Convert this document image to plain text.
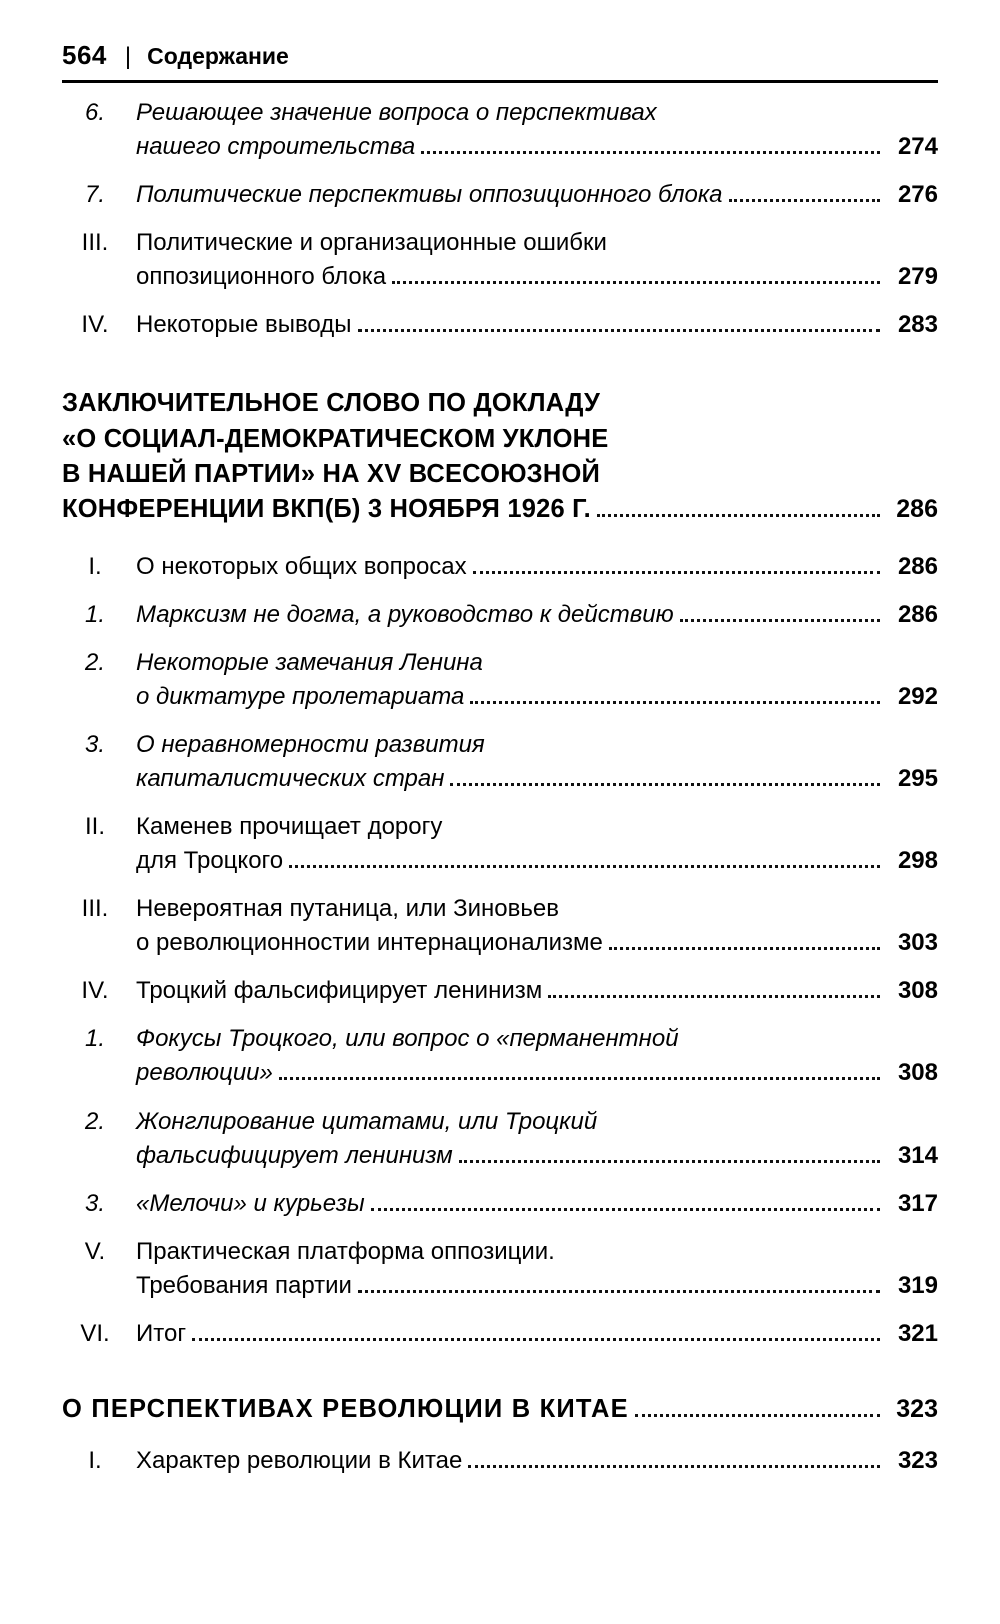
564 | Содержание
6.	Решающее значение вопроса о перспективах
нашего строительства	274
7.	Политические перспективы оппозиционного блока	276
III.	Политические и организационные ошибки
оппозиционного блока	279
IV.	Некоторые выводы	283
ЗАКЛЮЧИТЕЛЬНОЕ СЛОВО ПО ДОКЛАДУ
«О СОЦИАЛ-ДЕМОКРАТИЧЕСКОМ УКЛОНЕ
В НАШЕЙ ПАРТИИ» НА XV ВСЕСОЮЗНОЙ
КОНФЕРЕНЦИИ ВКП(Б) 3 НОЯБРЯ 1926 Г.	286
I.	О некоторых общих вопросах	286
1.	Марксизм не догма, а руководство к действию	286
2.	Некоторые замечания Ленина
о диктатуре пролетариата	292
3.	О неравномерности развития
капиталистических стран	295
II.	Каменев прочищает дорогу
для Троцкого	298
III.	Невероятная путаница, или Зиновьев
о революционностии интернационализме	303
IV.	Троцкий фальсифицирует ленинизм	308
1.	Фокусы Троцкого, или вопрос о «перманентной
революции»	308
2.	Жонглирование цитатами, или Троцкий
фальсифицирует ленинизм	314
3.	«Мелочи» и курьезы	317
V.	Практическая платформа оппозиции.
Требования партии	319
VI.	Итог	321
О ПЕРСПЕКТИВАХ РЕВОЛЮЦИИ В КИТАЕ	323
I.	Характер революции в Китае	323
